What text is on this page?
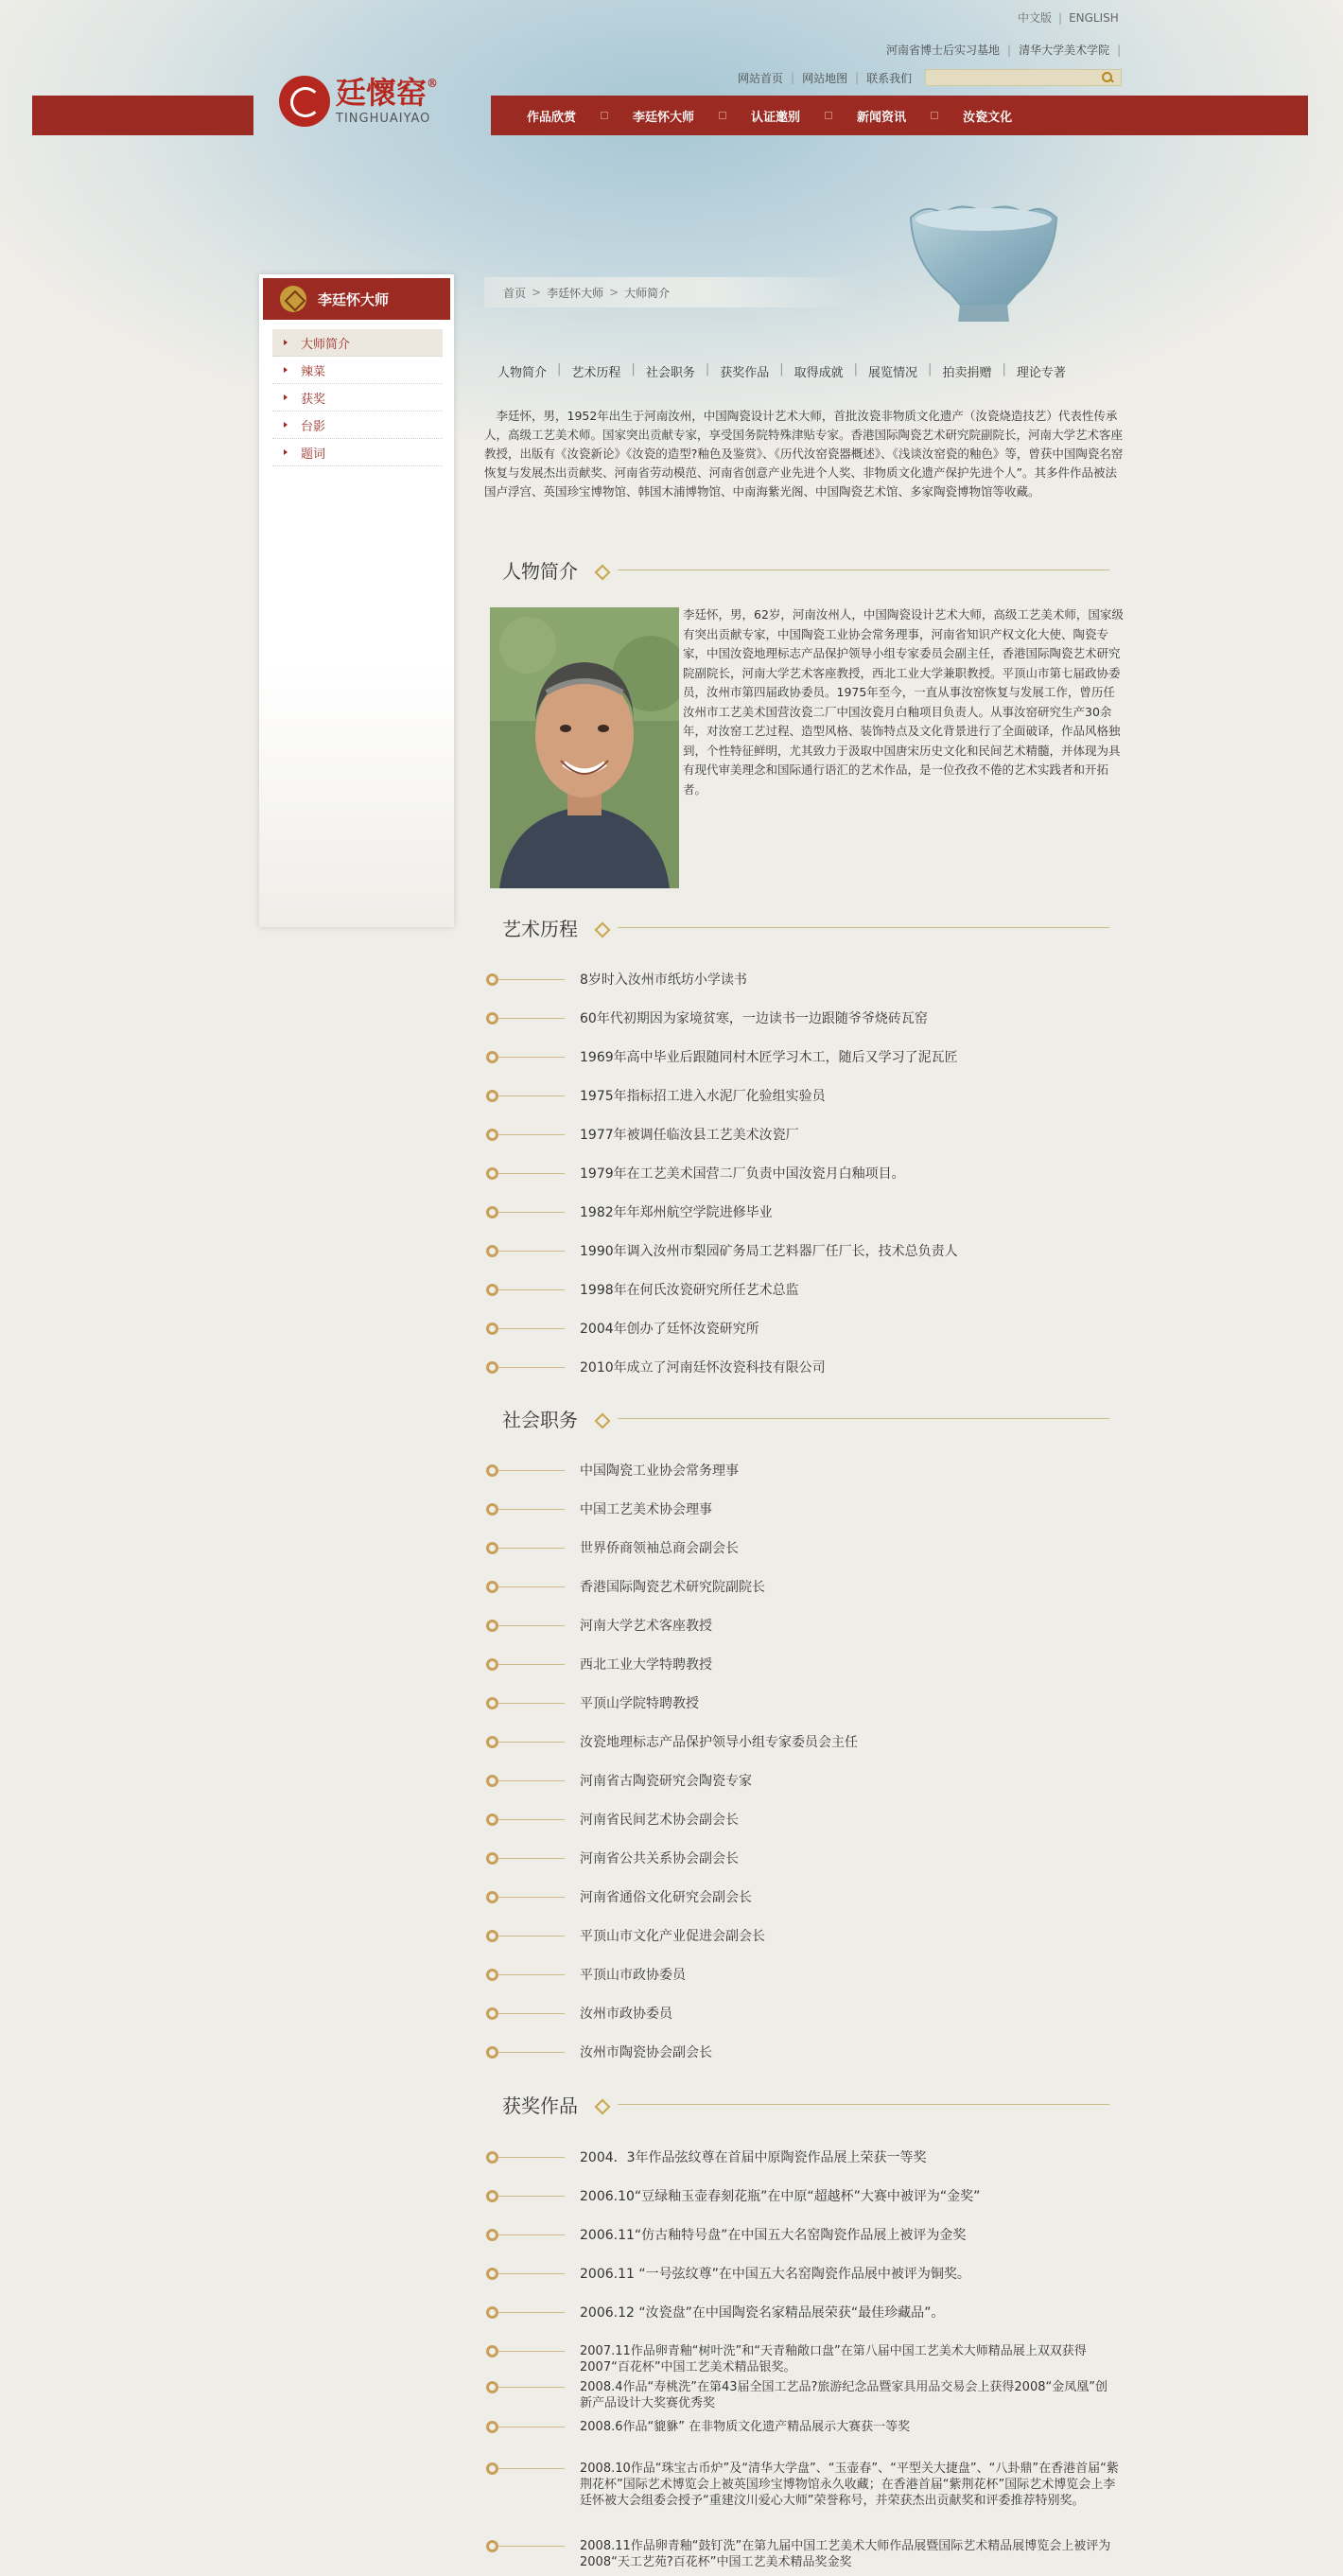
中文版 | ENGLISH
河南省博士后实习基地 | 清华大学美术学院 |
网站首页 | 网站地图 | 联系我们
作品欣赏	李廷怀大师	认证邀别	新闻资讯	汝瓷文化
廷懷窑®
TINGHUAIYAO
李廷怀大师
大师简介
辣菜
获奖
台影
题词
首页 > 李廷怀大师 > 大师简介
人物简介 | 艺术历程 | 社会职务 | 获奖作品 | 取得成就 | 展览情况 | 拍卖捐赠 | 理论专著

李廷怀，男，1952年出生于河南汝州，中国陶瓷设计艺术大师，首批汝瓷非物质文化遗产（汝瓷烧造技艺）代表性传承人，高级工艺美术师。国家突出贡献专家，享受国务院特殊津贴专家。香港国际陶瓷艺术研究院副院长，河南大学艺术客座教授，出版有《汝瓷新论》《汝瓷的造型?釉色及鉴赏》、《历代汝窑瓷器概述》、《浅谈汝窑瓷的釉色》等，曾获中国陶瓷名窑恢复与发展杰出贡献奖、河南省劳动模范、河南省创意产业先进个人奖、非物质文化遗产保护先进个人”。其多件作品被法国卢浮宫、英国珍宝博物馆、韩国木浦博物馆、中南海紫光阁、中国陶瓷艺术馆、多家陶瓷博物馆等收藏。

人物简介

李廷怀，男，62岁，河南汝州人，中国陶瓷设计艺术大师，高级工艺美术师，国家级有突出贡献专家，中国陶瓷工业协会常务理事，河南省知识产权文化大使、陶瓷专家，中国汝瓷地理标志产品保护领导小组专家委员会副主任，香港国际陶瓷艺术研究院副院长，河南大学艺术客座教授，西北工业大学兼职教授。平顶山市第七届政协委员，汝州市第四届政协委员。1975年至今，一直从事汝窑恢复与发展工作，曾历任汝州市工艺美术国营汝瓷二厂中国汝瓷月白釉项目负责人。从事汝窑研究生产30余年，对汝窑工艺过程、造型风格、装饰特点及文化背景进行了全面破译，作品风格独到，个性特征鲜明，尤其致力于汲取中国唐宋历史文化和民间艺术精髓，并体现为具有现代审美理念和国际通行语汇的艺术作品，是一位孜孜不倦的艺术实践者和开拓者。

艺术历程
8岁时入汝州市纸坊小学读书
60年代初期因为家境贫寒，一边读书一边跟随爷爷烧砖瓦窑
1969年高中毕业后跟随同村木匠学习木工，随后又学习了泥瓦匠
1975年指标招工进入水泥厂化验组实验员
1977年被调任临汝县工艺美术汝瓷厂
1979年在工艺美术国营二厂负责中国汝瓷月白釉项目。
1982年年郑州航空学院进修毕业
1990年调入汝州市梨园矿务局工艺料器厂任厂长，技术总负责人
1998年在何氏汝瓷研究所任艺术总监
2004年创办了廷怀汝瓷研究所
2010年成立了河南廷怀汝瓷科技有限公司
社会职务
中国陶瓷工业协会常务理事
中国工艺美术协会理事
世界侨商领袖总商会副会长
香港国际陶瓷艺术研究院副院长
河南大学艺术客座教授
西北工业大学特聘教授
平顶山学院特聘教授
汝瓷地理标志产品保护领导小组专家委员会主任
河南省古陶瓷研究会陶瓷专家
河南省民间艺术协会副会长
河南省公共关系协会副会长
河南省通俗文化研究会副会长
平顶山市文化产业促进会副会长
平顶山市政协委员
汝州市政协委员
汝州市陶瓷协会副会长
获奖作品
2004．3年作品弦纹尊在首届中原陶瓷作品展上荣获一等奖
2006.10“豆绿釉玉壶春刻花瓶”在中原“超越杯”大赛中被评为“金奖”
2006.11“仿古釉特号盘”在中国五大名窑陶瓷作品展上被评为金奖
2006.11 “一号弦纹尊”在中国五大名窑陶瓷作品展中被评为铜奖。
2006.12 “汝瓷盘”在中国陶瓷名家精品展荣获“最佳珍藏品”。
2007.11作品卵青釉“树叶洗”和“天青釉敞口盘”在第八届中国工艺美术大师精品展上双双获得2007“百花杯”中国工艺美术精品银奖。
2008.4作品“寿桃洗”在第43届全国工艺品?旅游纪念品暨家具用品交易会上获得2008“金凤凰”创新产品设计大奖赛优秀奖
2008.6作品“貔貅” 在非物质文化遗产精品展示大赛获一等奖
2008.10作品“珠宝古币炉”及“清华大学盘”、“玉壶春”、“平型关大捷盘”、“八卦鼎”在香港首届“紫荆花杯”国际艺术博览会上被英国珍宝博物馆永久收藏；在香港首届“紫荆花杯”国际艺术博览会上李廷怀被大会组委会授予“重建汶川爱心大师”荣誉称号，并荣获杰出贡献奖和评委推荐特别奖。
2008.11作品卵青釉“鼓钉洗”在第九届中国工艺美术大师作品展暨国际艺术精品展博览会上被评为2008“天工艺苑?百花杯”中国工艺美术精品奖金奖
